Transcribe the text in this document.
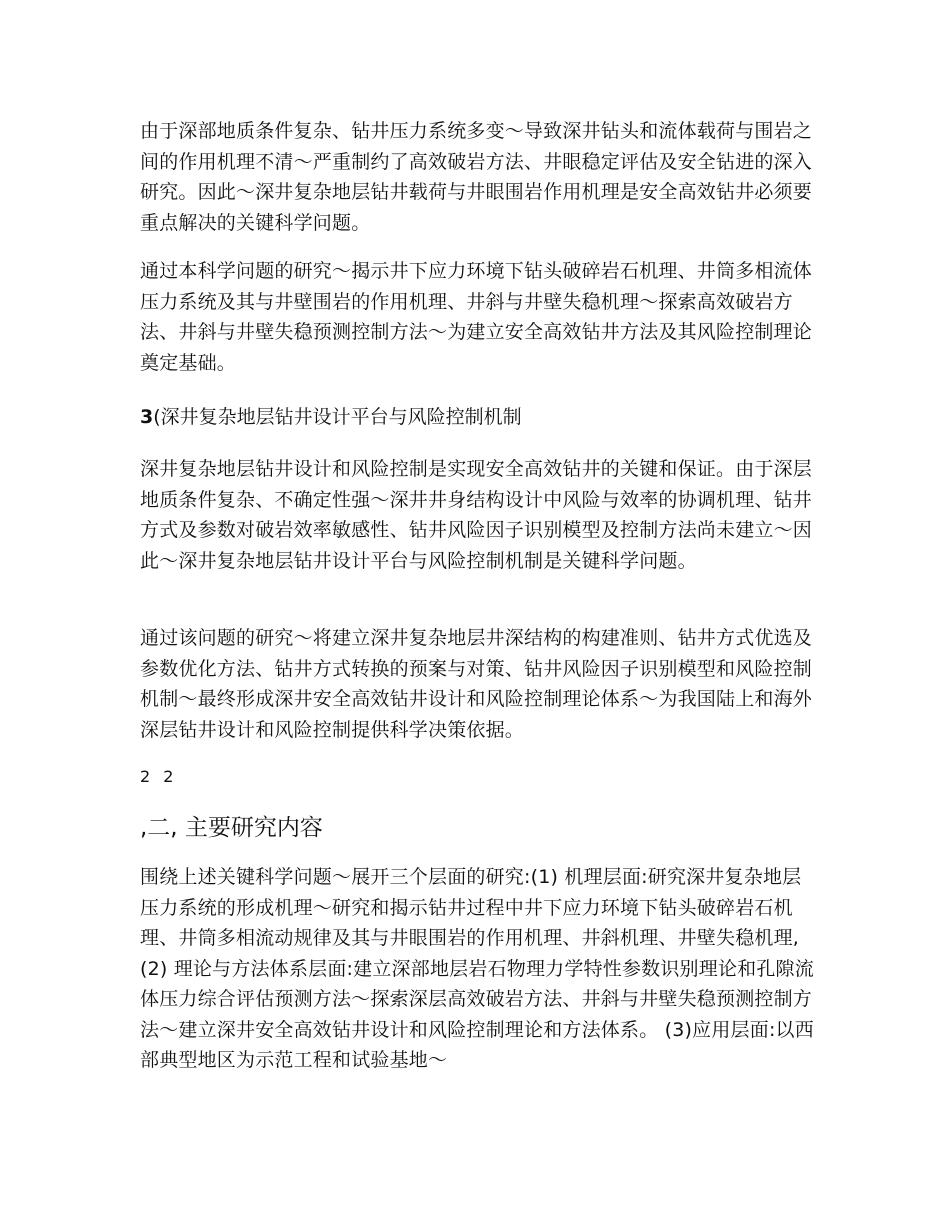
由于深部地质条件复杂、钻井压力系统多变～导致深井钻头和流体载荷与围岩之间的作用机理不清～严重制约了高效破岩方法、井眼稳定评估及安全钻进的深入研究。因此～深井复杂地层钻井载荷与井眼围岩作用机理是安全高效钻井必须要重点解决的关键科学问题。

通过本科学问题的研究～揭示井下应力环境下钻头破碎岩石机理、井筒多相流体压力系统及其与井壁围岩的作用机理、井斜与井壁失稳机理～探索高效破岩方法、井斜与井壁失稳预测控制方法～为建立安全高效钻井方法及其风险控制理论奠定基础。

3(深井复杂地层钻井设计平台与风险控制机制

深井复杂地层钻井设计和风险控制是实现安全高效钻井的关键和保证。由于深层地质条件复杂、不确定性强～深井井身结构设计中风险与效率的协调机理、钻井方式及参数对破岩效率敏感性、钻井风险因子识别模型及控制方法尚未建立～因此～深井复杂地层钻井设计平台与风险控制机制是关键科学问题。

通过该问题的研究～将建立深井复杂地层井深结构的构建准则、钻井方式优选及参数优化方法、钻井方式转换的预案与对策、钻井风险因子识别模型和风险控制机制～最终形成深井安全高效钻井设计和风险控制理论体系～为我国陆上和海外深层钻井设计和风险控制提供科学决策依据。

2 2

,二, 主要研究内容

围绕上述关键科学问题～展开三个层面的研究:(1) 机理层面:研究深井复杂地层压力系统的形成机理～研究和揭示钻井过程中井下应力环境下钻头破碎岩石机理、井筒多相流动规律及其与井眼围岩的作用机理、井斜机理、井壁失稳机理,(2) 理论与方法体系层面:建立深部地层岩石物理力学特性参数识别理论和孔隙流体压力综合评估预测方法～探索深层高效破岩方法、井斜与井壁失稳预测控制方法～建立深井安全高效钻井设计和风险控制理论和方法体系。 (3)应用层面:以西部典型地区为示范工程和试验基地～
